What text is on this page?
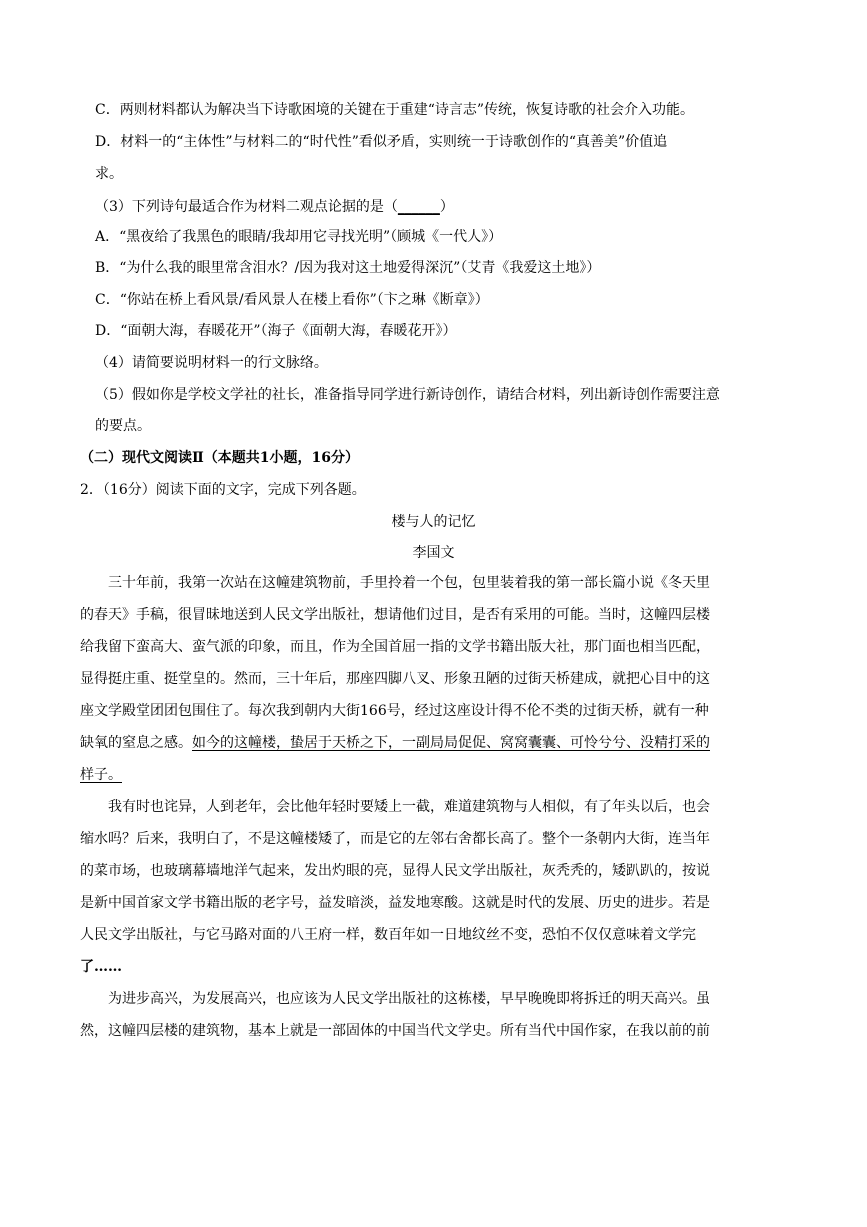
C．两则材料都认为解决当下诗歌困境的关键在于重建“诗言志”传统，恢复诗歌的社会介入功能。
D．材料一的“主体性”与材料二的“时代性”看似矛盾，实则统一于诗歌创作的“真善美”价值追
求。
（3）下列诗句最适合作为材料二观点论据的是（______）
A．“黑夜给了我黑色的眼睛/我却用它寻找光明”（顾城《一代人》）
B．“为什么我的眼里常含泪水？/因为我对这土地爱得深沉”（艾青《我爱这土地》）
C．“你站在桥上看风景/看风景人在楼上看你”（卞之琳《断章》）
D．“面朝大海，春暖花开”（海子《面朝大海，春暖花开》）
（4）请简要说明材料一的行文脉络。
（5）假如你是学校文学社的社长，准备指导同学进行新诗创作，请结合材料，列出新诗创作需要注意
的要点。
（二）现代文阅读Ⅱ（本题共1小题，16分）
2．（16分）阅读下面的文字，完成下列各题。
楼与人的记忆
李国文
三十年前，我第一次站在这幢建筑物前，手里拎着一个包，包里装着我的第一部长篇小说《冬天里
的春天》手稿，很冒昧地送到人民文学出版社，想请他们过目，是否有采用的可能。当时，这幢四层楼
给我留下蛮高大、蛮气派的印象，而且，作为全国首屈一指的文学书籍出版大社，那门面也相当匹配，
显得挺庄重、挺堂皇的。然而，三十年后，那座四脚八叉、形象丑陋的过街天桥建成，就把心目中的这
座文学殿堂团团包围住了。每次我到朝内大街166号，经过这座设计得不伦不类的过街天桥，就有一种
缺氧的窒息之感。如今的这幢楼，蛰居于天桥之下，一副局局促促、窝窝囊囊、可怜兮兮、没精打采的
样子。
我有时也诧异，人到老年，会比他年轻时要矮上一截，难道建筑物与人相似，有了年头以后，也会
缩水吗？后来，我明白了，不是这幢楼矮了，而是它的左邻右舍都长高了。整个一条朝内大街，连当年
的菜市场，也玻璃幕墙地洋气起来，发出灼眼的亮，显得人民文学出版社，灰秃秃的，矮趴趴的，按说
是新中国首家文学书籍出版的老字号，益发暗淡，益发地寒酸。这就是时代的发展、历史的进步。若是
人民文学出版社，与它马路对面的八王府一样，数百年如一日地纹丝不变，恐怕不仅仅意味着文学完
了……
为进步高兴，为发展高兴，也应该为人民文学出版社的这栋楼，早早晚晚即将拆迁的明天高兴。虽
然，这幢四层楼的建筑物，基本上就是一部固体的中国当代文学史。所有当代中国作家，在我以前的前
